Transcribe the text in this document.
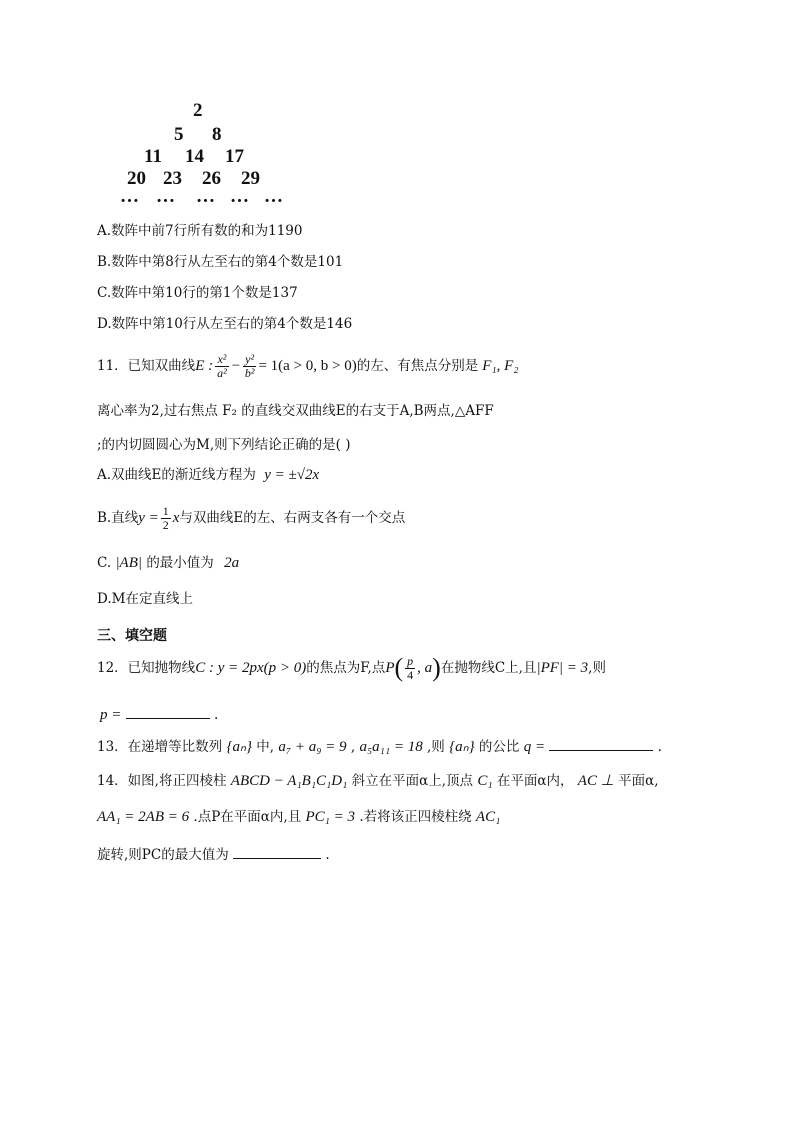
2
5 8
11 14 17
20 23 26 29
… … … … …
A.数阵中前7行所有数的和为1190
B.数阵中第8行从左至右的第4个数是101
C.数阵中第10行的第1个数是137
D.数阵中第10行从左至右的第4个数是146
11．已知双曲线 E : $\frac{\text{x²}}{\text{a²}} - \frac{\text{y²}}{\text{b²}} = 1(a > 0$, b > 0) 的左、有焦点分别是 F₁, F₂
离心率为2,过右焦点 F₂ 的直线交双曲线E的右支于A,B两点,△AFF
;的内切圆圆心为M,则下列结论正确的是( )
A.双曲线E的渐近线方程为 y = ±√2x
B.直线 $y = \frac{1}{2}$ x 与双曲线E的左、右两支各有一个交点
C. |AB| 的最小值为 2a
D.M在定直线上
三、填空题
12．已知抛物线 C : y = 2px(p > 0) 的焦点为F,点 P ( $\frac{p}{4}$ , a ) 在抛物线C上,且 |PF| = 3 ,则
p =	.
13．在递增等比数列 {aₙ} 中, a₇ + a₉ = 9 , a₅a₁₁ = 18 ,则 {aₙ} 的公比 q =	.
14．如图,将正四棱柱 ABCD − A₁B₁C₁D₁ 斜立在平面α上,顶点 C₁ 在平面α内， AC ⊥ 平面α,
AA₁ = 2AB = 6 .点P在平面α内,且 PC₁ = 3 .若将该正四棱柱绕 AC₁
旋转,则PC的最大值为	.
